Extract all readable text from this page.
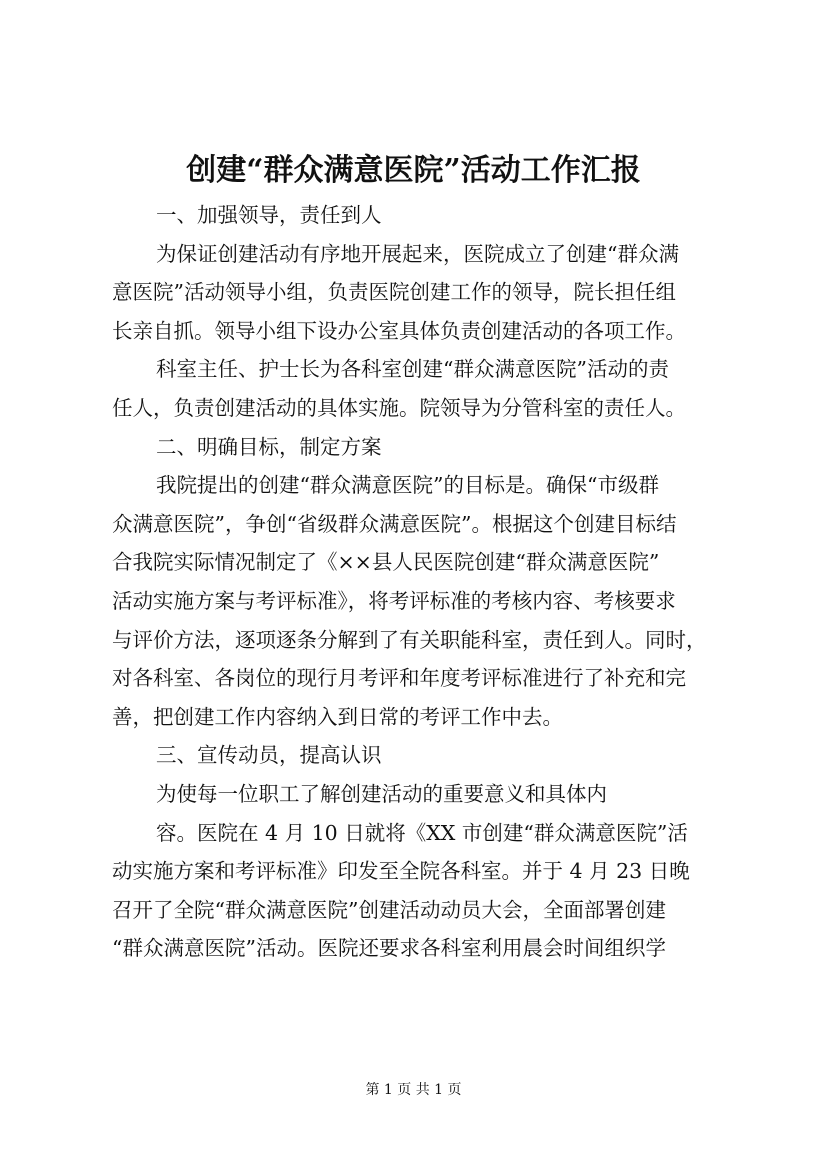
创建“群众满意医院”活动工作汇报
一、加强领导，责任到人
为保证创建活动有序地开展起来，医院成立了创建“群众满
意医院”活动领导小组，负责医院创建工作的领导，院长担任组
长亲自抓。领导小组下设办公室具体负责创建活动的各项工作。
科室主任、护士长为各科室创建“群众满意医院”活动的责
任人，负责创建活动的具体实施。院领导为分管科室的责任人。
二、明确目标，制定方案
我院提出的创建“群众满意医院”的目标是。确保“市级群
众满意医院”，争创“省级群众满意医院”。根据这个创建目标结
合我院实际情况制定了《××县人民医院创建“群众满意医院”
活动实施方案与考评标准》，将考评标准的考核内容、考核要求
与评价方法，逐项逐条分解到了有关职能科室，责任到人。同时，
对各科室、各岗位的现行月考评和年度考评标准进行了补充和完
善，把创建工作内容纳入到日常的考评工作中去。
三、宣传动员，提高认识
为使每一位职工了解创建活动的重要意义和具体内
容。医院在 4 月 10 日就将《XX 市创建“群众满意医院”活
动实施方案和考评标准》印发至全院各科室。并于 4 月 23 日晚
召开了全院“群众满意医院”创建活动动员大会，全面部署创建
“群众满意医院”活动。医院还要求各科室利用晨会时间组织学
第 1 页 共 1 页
